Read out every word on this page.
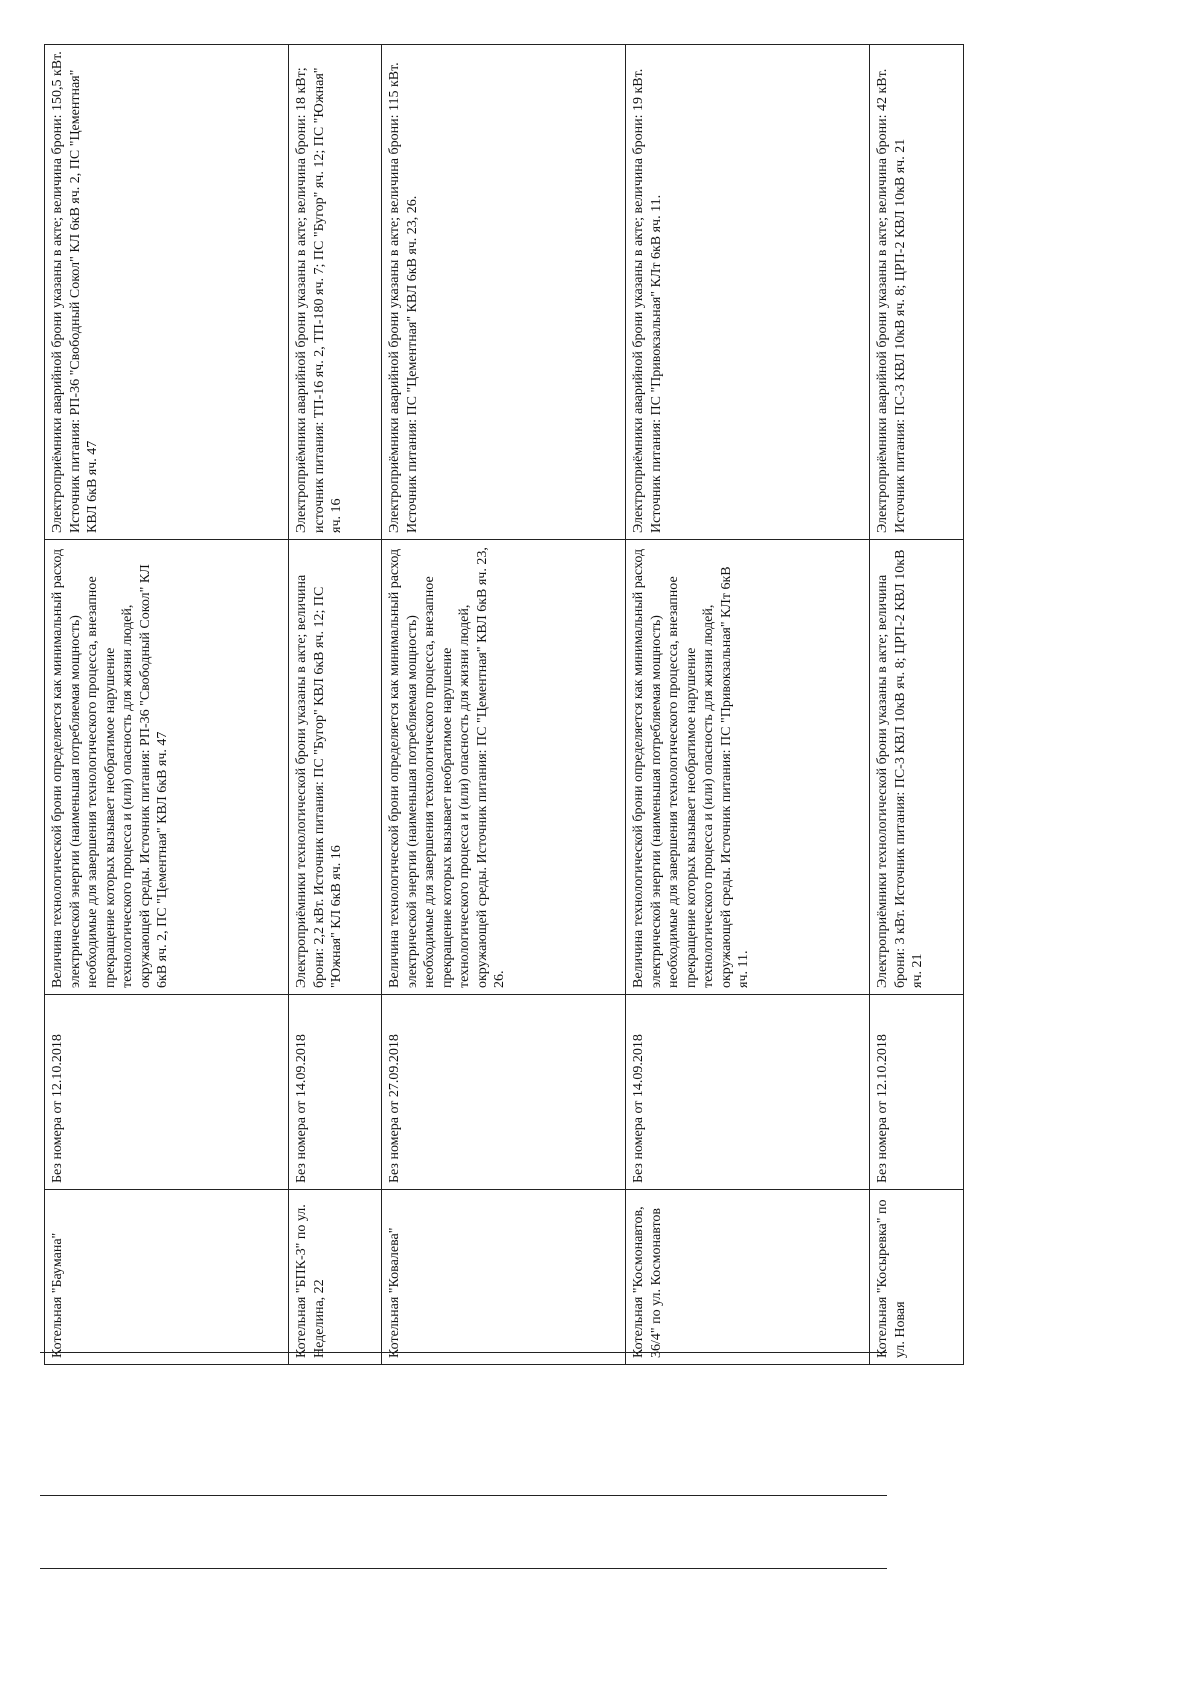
Котельная "Баумана"	Без номера от 12.10.2018	Величина технологической брони определяется как минимальный расход электрической энергии (наименьшая потребляемая мощность) необходимые для завершения технологического процесса, внезапное прекращение которых вызывает необратимое нарушение технологического процесса и (или) опасность для жизни людей, окружающей среды. Источник питания: РП-36 "Свободный Сокол" КЛ 6кВ яч. 2, ПС "Цементная" КВЛ 6кВ яч. 47	Электроприёмники аварийной брони указаны в акте; величина брони: 150,5 кВт. Источник питания: РП-36 "Свободный Сокол" КЛ 6кВ яч. 2, ПС "Цементная" КВЛ 6кВ яч. 47
Котельная "БПК-3" по ул. Неделина, 22	Без номера от 14.09.2018	Электроприёмники технологической брони указаны в акте; величина брони: 2,2 кВт. Источник питания: ПС "Бугор" КВЛ 6кВ яч. 12; ПС "Южная" КЛ 6кВ яч. 16	Электроприёмники аварийной брони указаны в акте; величина брони: 18 кВт; источник питания: ТП-16 яч. 2, ТП-180 яч. 7; ПС "Бугор" яч. 12; ПС "Южная" яч. 16
Котельная "Ковалева"	Без номера от 27.09.2018	Величина технологической брони определяется как минимальный расход электрической энергии (наименьшая потребляемая мощность) необходимые для завершения технологического процесса, внезапное прекращение которых вызывает необратимое нарушение технологического процесса и (или) опасность для жизни людей, окружающей среды. Источник питания: ПС "Цементная" КВЛ 6кВ яч. 23, 26.	Электроприёмники аварийной брони указаны в акте; величина брони: 115 кВт. Источник питания: ПС "Цементная" КВЛ 6кВ яч. 23, 26.
Котельная "Космонавтов, 36/4" по ул. Космонавтов	Без номера от 14.09.2018	Величина технологической брони определяется как минимальный расход электрической энергии (наименьшая потребляемая мощность) необходимые для завершения технологического процесса, внезапное прекращение которых вызывает необратимое нарушение технологического процесса и (или) опасность для жизни людей, окружающей среды. Источник питания: ПС "Привокзальная" КЛт 6кВ яч. 11.	Электроприёмники аварийной брони указаны в акте; величина брони: 19 кВт. Источник питания: ПС "Привокзальная" КЛт 6кВ яч. 11.
Котельная "Косыревка" по ул. Новая	Без номера от 12.10.2018	Электроприёмники технологической брони указаны в акте; величина брони: 3 кВт. Источник питания: ПС-3 КВЛ 10кВ яч. 8; ЦРП-2 КВЛ 10кВ яч. 21	Электроприёмники аварийной брони указаны в акте; величина брони: 42 кВт. Источник питания: ПС-3 КВЛ 10кВ яч. 8; ЦРП-2 КВЛ 10кВ яч. 21
